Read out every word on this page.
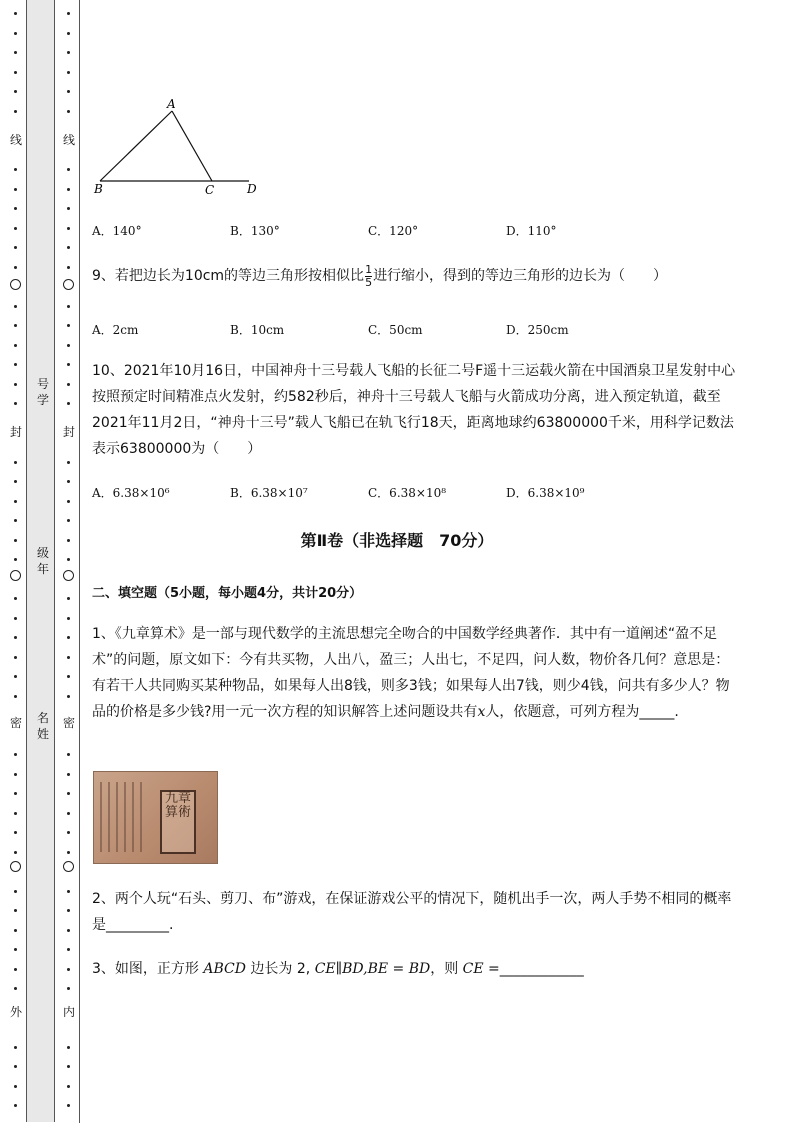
线
封
密
外
线
封
密
内
号学
级年
名姓
A
B	C	D
A．140°	B．130°	C．120°	D．110°
9、若把边长为10cm的等边三角形按相似比 $\frac{1}{5}$ 进行缩小，得到的等边三角形的边长为（　　）
A．2cm	B．10cm	C．50cm	D．250cm
10、2021年10月16日，中国神舟十三号载人飞船的长征二号F遥十三运载火箭在中国酒泉卫星发射中心按照预定时间精准点火发射，约582秒后，神舟十三号载人飞船与火箭成功分离，进入预定轨道，截至2021年11月2日，“神舟十三号”载人飞船已在轨飞行18天，距离地球约63800000千米，用科学记数法表示63800000为（　　）
A．6.38×10⁶	B．6.38×10⁷	C．6.38×10⁸	D．6.38×10⁹
第Ⅱ卷（非选择题　70分）
二、填空题（5小题，每小题4分，共计20分）
1、《九章算术》是一部与现代数学的主流思想完全吻合的中国数学经典著作．其中有一道阐述“盈不足术”的问题，原文如下：今有共买物，人出八，盈三；人出七，不足四，问人数，物价各几何？意思是：有若干人共同购买某种物品，如果每人出8钱，则多3钱；如果每人出7钱，则少4钱，问共有多少人？物品的价格是多少钱?用一元一次方程的知识解答上述问题设共有x人，依题意，可列方程为_____.
九章算術
2、两个人玩“石头、剪刀、布”游戏，在保证游戏公平的情况下，随机出手一次，两人手势不相同的概率是_________.
3、如图，正方形 ABCD 边长为 2, CE∥BD,BE = BD，则 CE =____________
